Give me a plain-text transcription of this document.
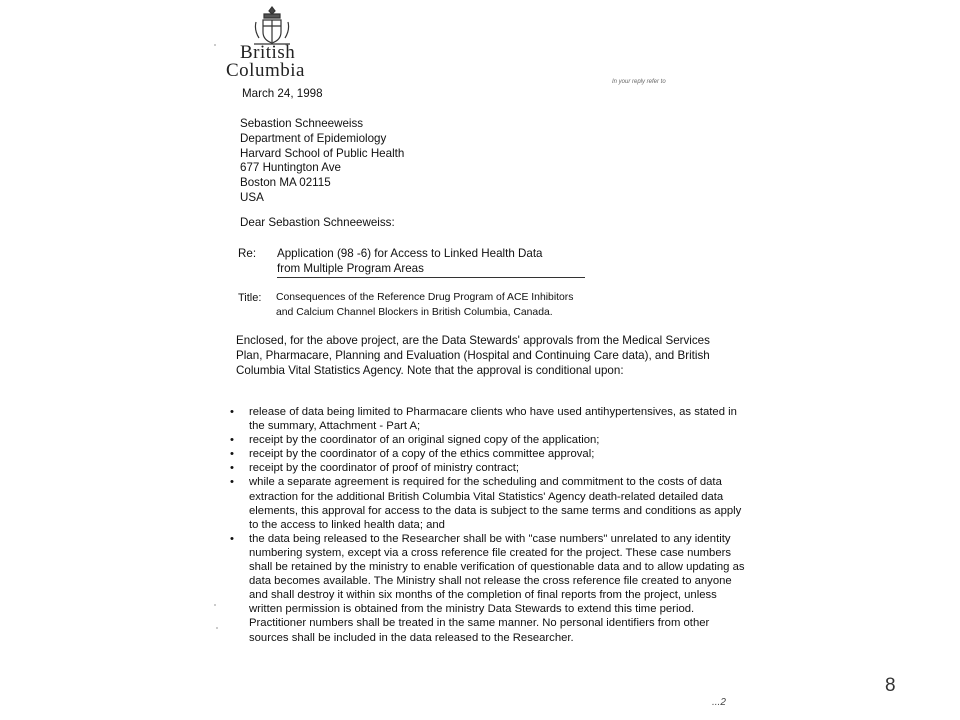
British
Columbia
In your reply refer to
March 24, 1998
Sebastion Schneeweiss
Department of Epidemiology
Harvard School of Public Health
677 Huntington Ave
Boston MA 02115
USA
Dear Sebastion Schneeweiss:
Re: Application (98 -6) for Access to Linked Health Data
from Multiple Program Areas
Title: Consequences of the Reference Drug Program of ACE Inhibitors
and Calcium Channel Blockers in British Columbia, Canada.
Enclosed, for the above project, are the Data Stewards' approvals from the Medical Services Plan, Pharmacare, Planning and Evaluation (Hospital and Continuing Care data), and British Columbia Vital Statistics Agency. Note that the approval is conditional upon:
• release of data being limited to Pharmacare clients who have used antihypertensives, as stated in the summary, Attachment - Part A;
• receipt by the coordinator of an original signed copy of the application;
• receipt by the coordinator of a copy of the ethics committee approval;
• receipt by the coordinator of proof of ministry contract;
• while a separate agreement is required for the scheduling and commitment to the costs of data extraction for the additional British Columbia Vital Statistics' Agency death-related detailed data elements, this approval for access to the data is subject to the same terms and conditions as apply to the access to linked health data; and
• the data being released to the Researcher shall be with "case numbers" unrelated to any identity numbering system, except via a cross reference file created for the project. These case numbers shall be retained by the ministry to enable verification of questionable data and to allow updating as data becomes available. The Ministry shall not release the cross reference file created to anyone and shall destroy it within six months of the completion of final reports from the project, unless written permission is obtained from the ministry Data Stewards to extend this time period. Practitioner numbers shall be treated in the same manner. No personal identifiers from other sources shall be included in the data released to the Researcher.
...2
8
